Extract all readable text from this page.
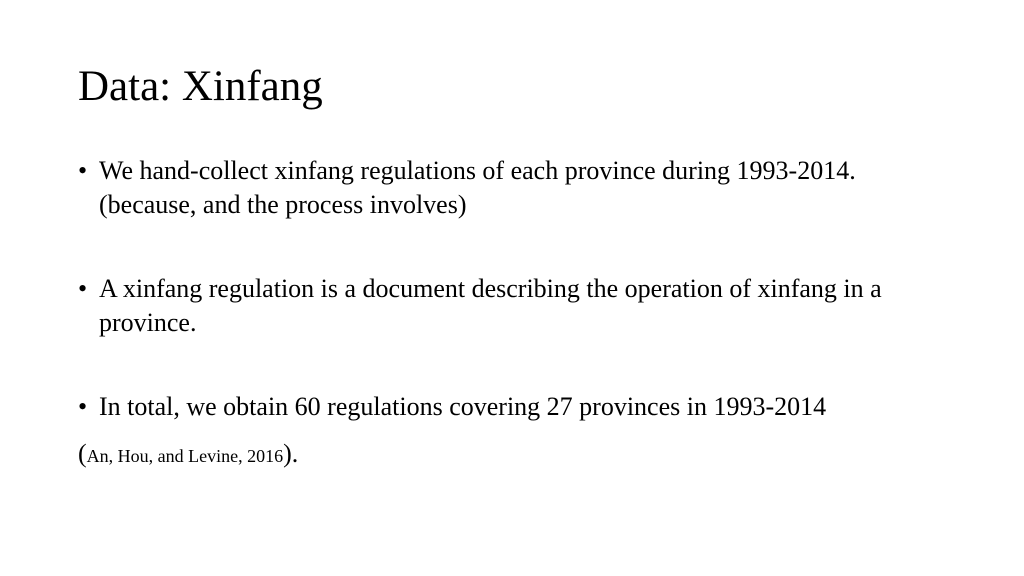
Data: Xinfang
• We hand-collect xinfang regulations of each province during 1993-2014. (because, and the process involves)
• A xinfang regulation is a document describing the operation of xinfang in a province.
• In total, we obtain 60 regulations covering 27 provinces in 1993-2014
(An, Hou, and Levine, 2016).
